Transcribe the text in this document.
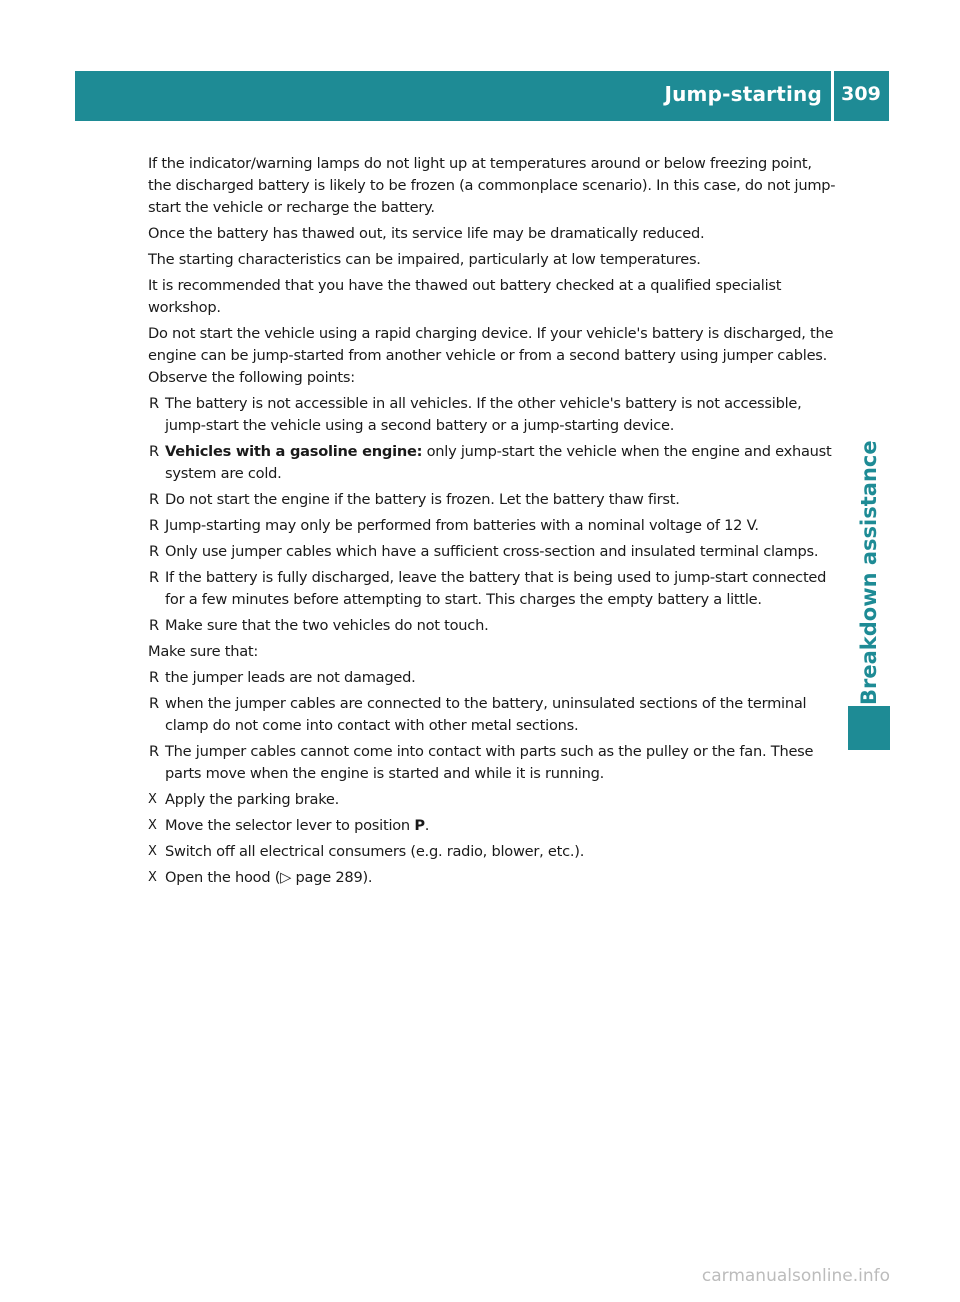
Jump-starting 309
Breakdown assistance

If the indicator/warning lamps do not light up at temperatures around or below freezing point, the discharged battery is likely to be frozen (a commonplace scenario). In this case, do not jump-start the vehicle or recharge the battery.

Once the battery has thawed out, its service life may be dramatically reduced.

The starting characteristics can be impaired, particularly at low temperatures.

It is recommended that you have the thawed out battery checked at a qualified specialist workshop.

Do not start the vehicle using a rapid charging device. If your vehicle's battery is discharged, the engine can be jump-started from another vehicle or from a second battery using jumper cables. Observe the following points:

R The battery is not accessible in all vehicles. If the other vehicle's battery is not accessible, jump-start the vehicle using a second battery or a jump-starting device.
R Vehicles with a gasoline engine: only jump-start the vehicle when the engine and exhaust system are cold.
R Do not start the engine if the battery is frozen. Let the battery thaw first.
R Jump-starting may only be performed from batteries with a nominal voltage of 12 V.
R Only use jumper cables which have a sufficient cross-section and insulated terminal clamps.
R If the battery is fully discharged, leave the battery that is being used to jump-start connected for a few minutes before attempting to start. This charges the empty battery a little.
R Make sure that the two vehicles do not touch.

Make sure that:

R the jumper leads are not damaged.
R when the jumper cables are connected to the battery, uninsulated sections of the terminal clamp do not come into contact with other metal sections.
R The jumper cables cannot come into contact with parts such as the pulley or the fan. These parts move when the engine is started and while it is running.
X Apply the parking brake.
X Move the selector lever to position P.
X Switch off all electrical consumers (e.g. radio, blower, etc.).
X Open the hood (▷ page 289).
carmanualsonline.info
